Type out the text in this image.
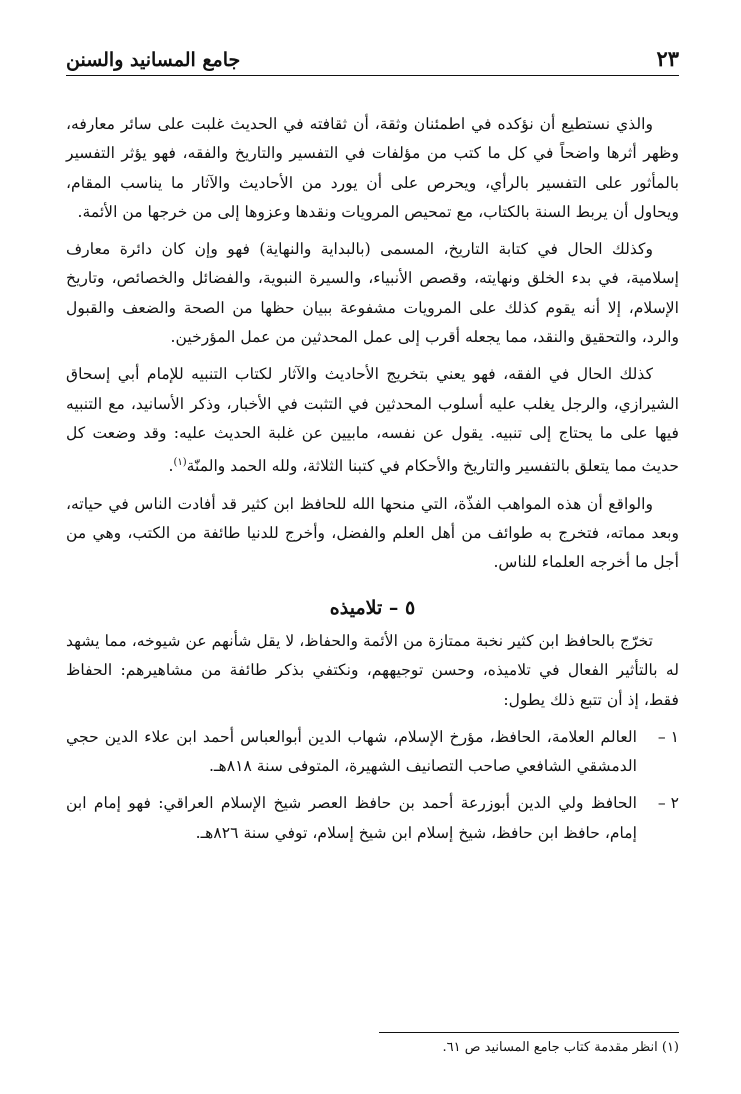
٢٣
جامع المسانيد والسنن

والذي نستطيع أن نؤكده في اطمئنان وثقة، أن ثقافته في الحديث غلبت على سائر معارفه، وظهر أثرها واضحاً في كل ما كتب من مؤلفات في التفسير والتاريخ والفقه، فهو يؤثر التفسير بالمأثور على التفسير بالرأي، ويحرص على أن يورد من الأحاديث والآثار ما يناسب المقام، ويحاول أن يربط السنة بالكتاب، مع تمحيص المرويات ونقدها وعزوها إلى من خرجها من الأئمة.

وكذلك الحال في كتابة التاريخ، المسمى (بالبداية والنهاية) فهو وإن كان دائرة معارف إسلامية، في بدء الخلق ونهايته، وقصص الأنبياء، والسيرة النبوية، والفضائل والخصائص، وتاريخ الإسلام، إلا أنه يقوم كذلك على المرويات مشفوعة ببيان حظها من الصحة والضعف والقبول والرد، والتحقيق والنقد، مما يجعله أقرب إلى عمل المحدثين من عمل المؤرخين.

كذلك الحال في الفقه، فهو يعني بتخريج الأحاديث والآثار لكتاب التنبيه للإمام أبي إسحاق الشيرازي، والرجل يغلب عليه أسلوب المحدثين في التثبت في الأخبار، وذكر الأسانيد، مع التنبيه فيها على ما يحتاج إلى تنبيه. يقول عن نفسه، مابيين عن غلبة الحديث عليه: وقد وضعت كل حديث مما يتعلق بالتفسير والتاريخ والأحكام في كتبنا الثلاثة، ولله الحمد والمنّة$^{(١)}$.

والواقع أن هذه المواهب الفذّة، التي منحها الله للحافظ ابن كثير قد أفادت الناس في حياته، وبعد مماته، فتخرج به طوائف من أهل العلم والفضل، وأخرج للدنيا طائفة من الكتب، وهي من أجل ما أخرجه العلماء للناس.

٥ – تلاميذه

تخرّج بالحافظ ابن كثير نخبة ممتازة من الأئمة والحفاظ، لا يقل شأنهم عن شيوخه، مما يشهد له بالتأثير الفعال في تلاميذه، وحسن توجيههم، ونكتفي بذكر طائفة من مشاهيرهم: الحفاظ فقط، إذ أن تتبع ذلك يطول:

١ –
العالم العلامة، الحافظ، مؤرخ الإسلام، شهاب الدين أبوالعباس أحمد ابن علاء الدين حجي الدمشقي الشافعي صاحب التصانيف الشهيرة، المتوفى سنة ٨١٨هـ.
٢ –
الحافظ ولي الدين أبوزرعة أحمد بن حافظ العصر شيخ الإسلام العراقي: فهو إمام ابن إمام، حافظ ابن حافظ، شيخ إسلام ابن شيخ إسلام، توفي سنة ٨٢٦هـ.
(١) انظر مقدمة كتاب جامع المسانيد ص ٦١.
